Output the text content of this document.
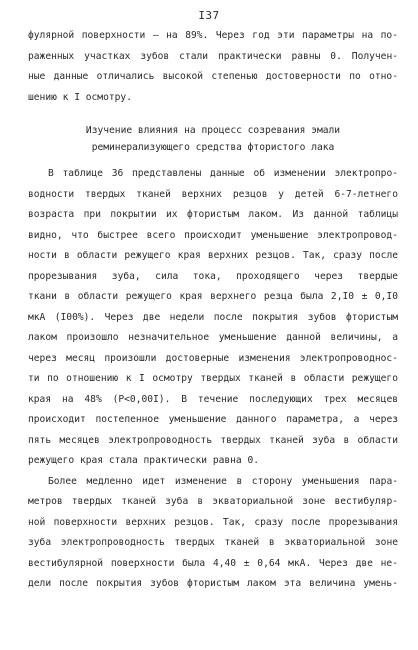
I37
фулярной поверхности – на 89%. Через год эти параметры на по-
раженных участках зубов стали практически равны 0. Получен-
ные данные отличались высокой степенью достоверности по отно-
шению к I осмотру.
Изучение влияния на процесс созревания эмали
реминерализующего средства фтористого лака
В таблице 36 представлены данные об изменении электропро-
водности твердых тканей верхних резцов у детей 6-7-летнего
возраста при покрытии их фтористым лаком. Из данной таблицы
видно, что быстрее всего происходит уменьшение электропровод-
ности в области режущего края верхних резцов. Так, сразу после
прорезывания зуба, сила тока, проходящего через твердые
ткани в области режущего края верхнего резца была 2,I0 ± 0,I0
мкА (I00%). Через две недели после покрытия зубов фтористым
лаком произошло незначительное уменьшение данной величины, а
через месяц произошли достоверные изменения электропроводнос-
ти по отношению к I осмотру твердых тканей в области режущего
края на 48% (P<0,00I). В течение последующих трех месяцев
происходит постепенное уменьшение данного параметра, а через
пять месяцев электропроводность твердых тканей зуба в области
режущего края стала практически равна 0.
Более медленно идет изменение в сторону уменьшения пара-
метров твердых тканей зуба в экваториальной зоне вестибуляр-
ной поверхности верхних резцов. Так, сразу после прорезывания
зуба электропроводность твердых тканей в экваториальной зоне
вестибулярной поверхности была 4,40 ± 0,64 мкА. Через две не-
дели после покрытия зубов фтористым лаком эта величина умень-
